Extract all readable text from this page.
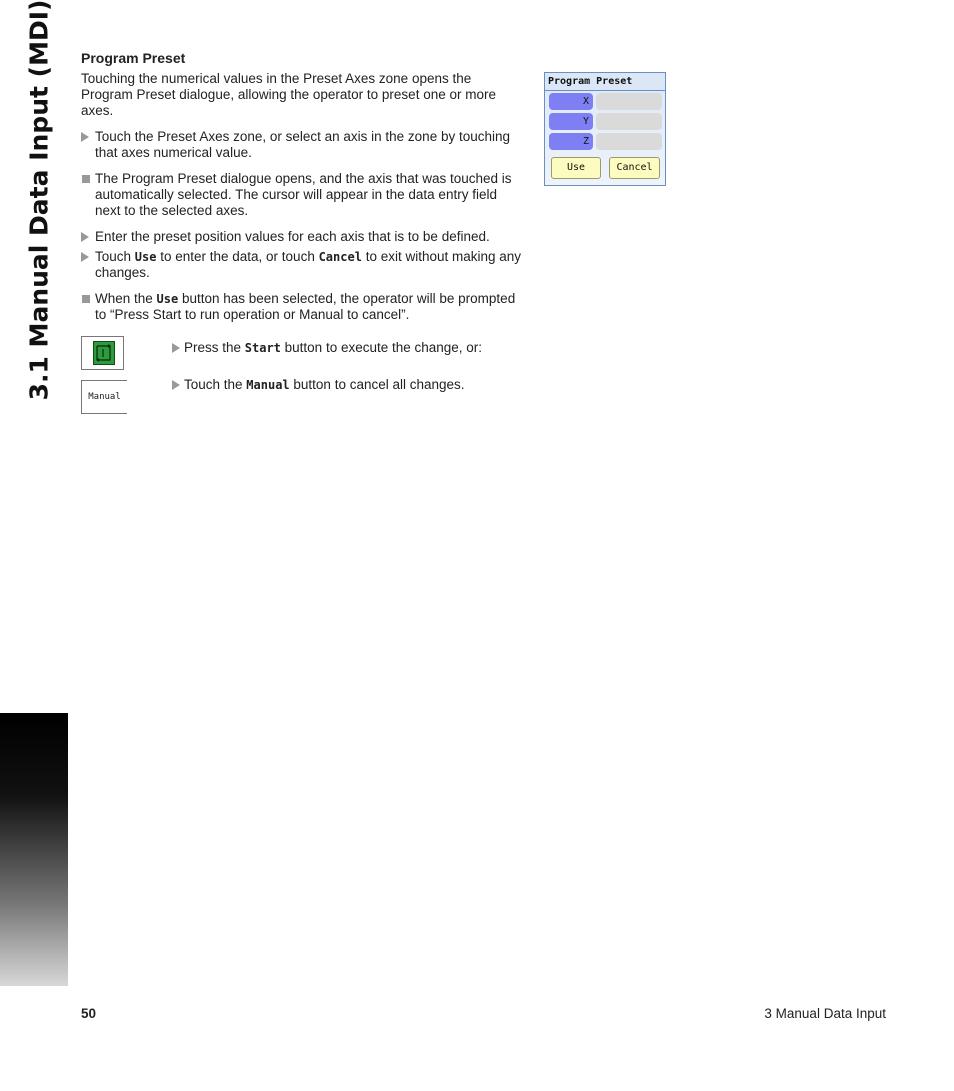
3.1 Manual Data Input (MDI) Program Preset
Touching the numerical values in the Preset Axes zone opens the Program Preset dialogue, allowing the operator to preset one or more axes.
Touch the Preset Axes zone, or select an axis in the zone by touching that axes numerical value.
The Program Preset dialogue opens, and the axis that was touched is automatically selected. The cursor will appear in the data entry field next to the selected axes.
Enter the preset position values for each axis that is to be defined.
Touch Use to enter the data, or touch Cancel to exit without making any changes.
When the Use button has been selected, the operator will be prompted to “Press Start to run operation or Manual to cancel”.
Press the Start button to execute the change, or:
Manual
Touch the Manual button to cancel all changes.
Program Preset
X
Y
Z
Use	Cancel
50	3 Manual Data Input
